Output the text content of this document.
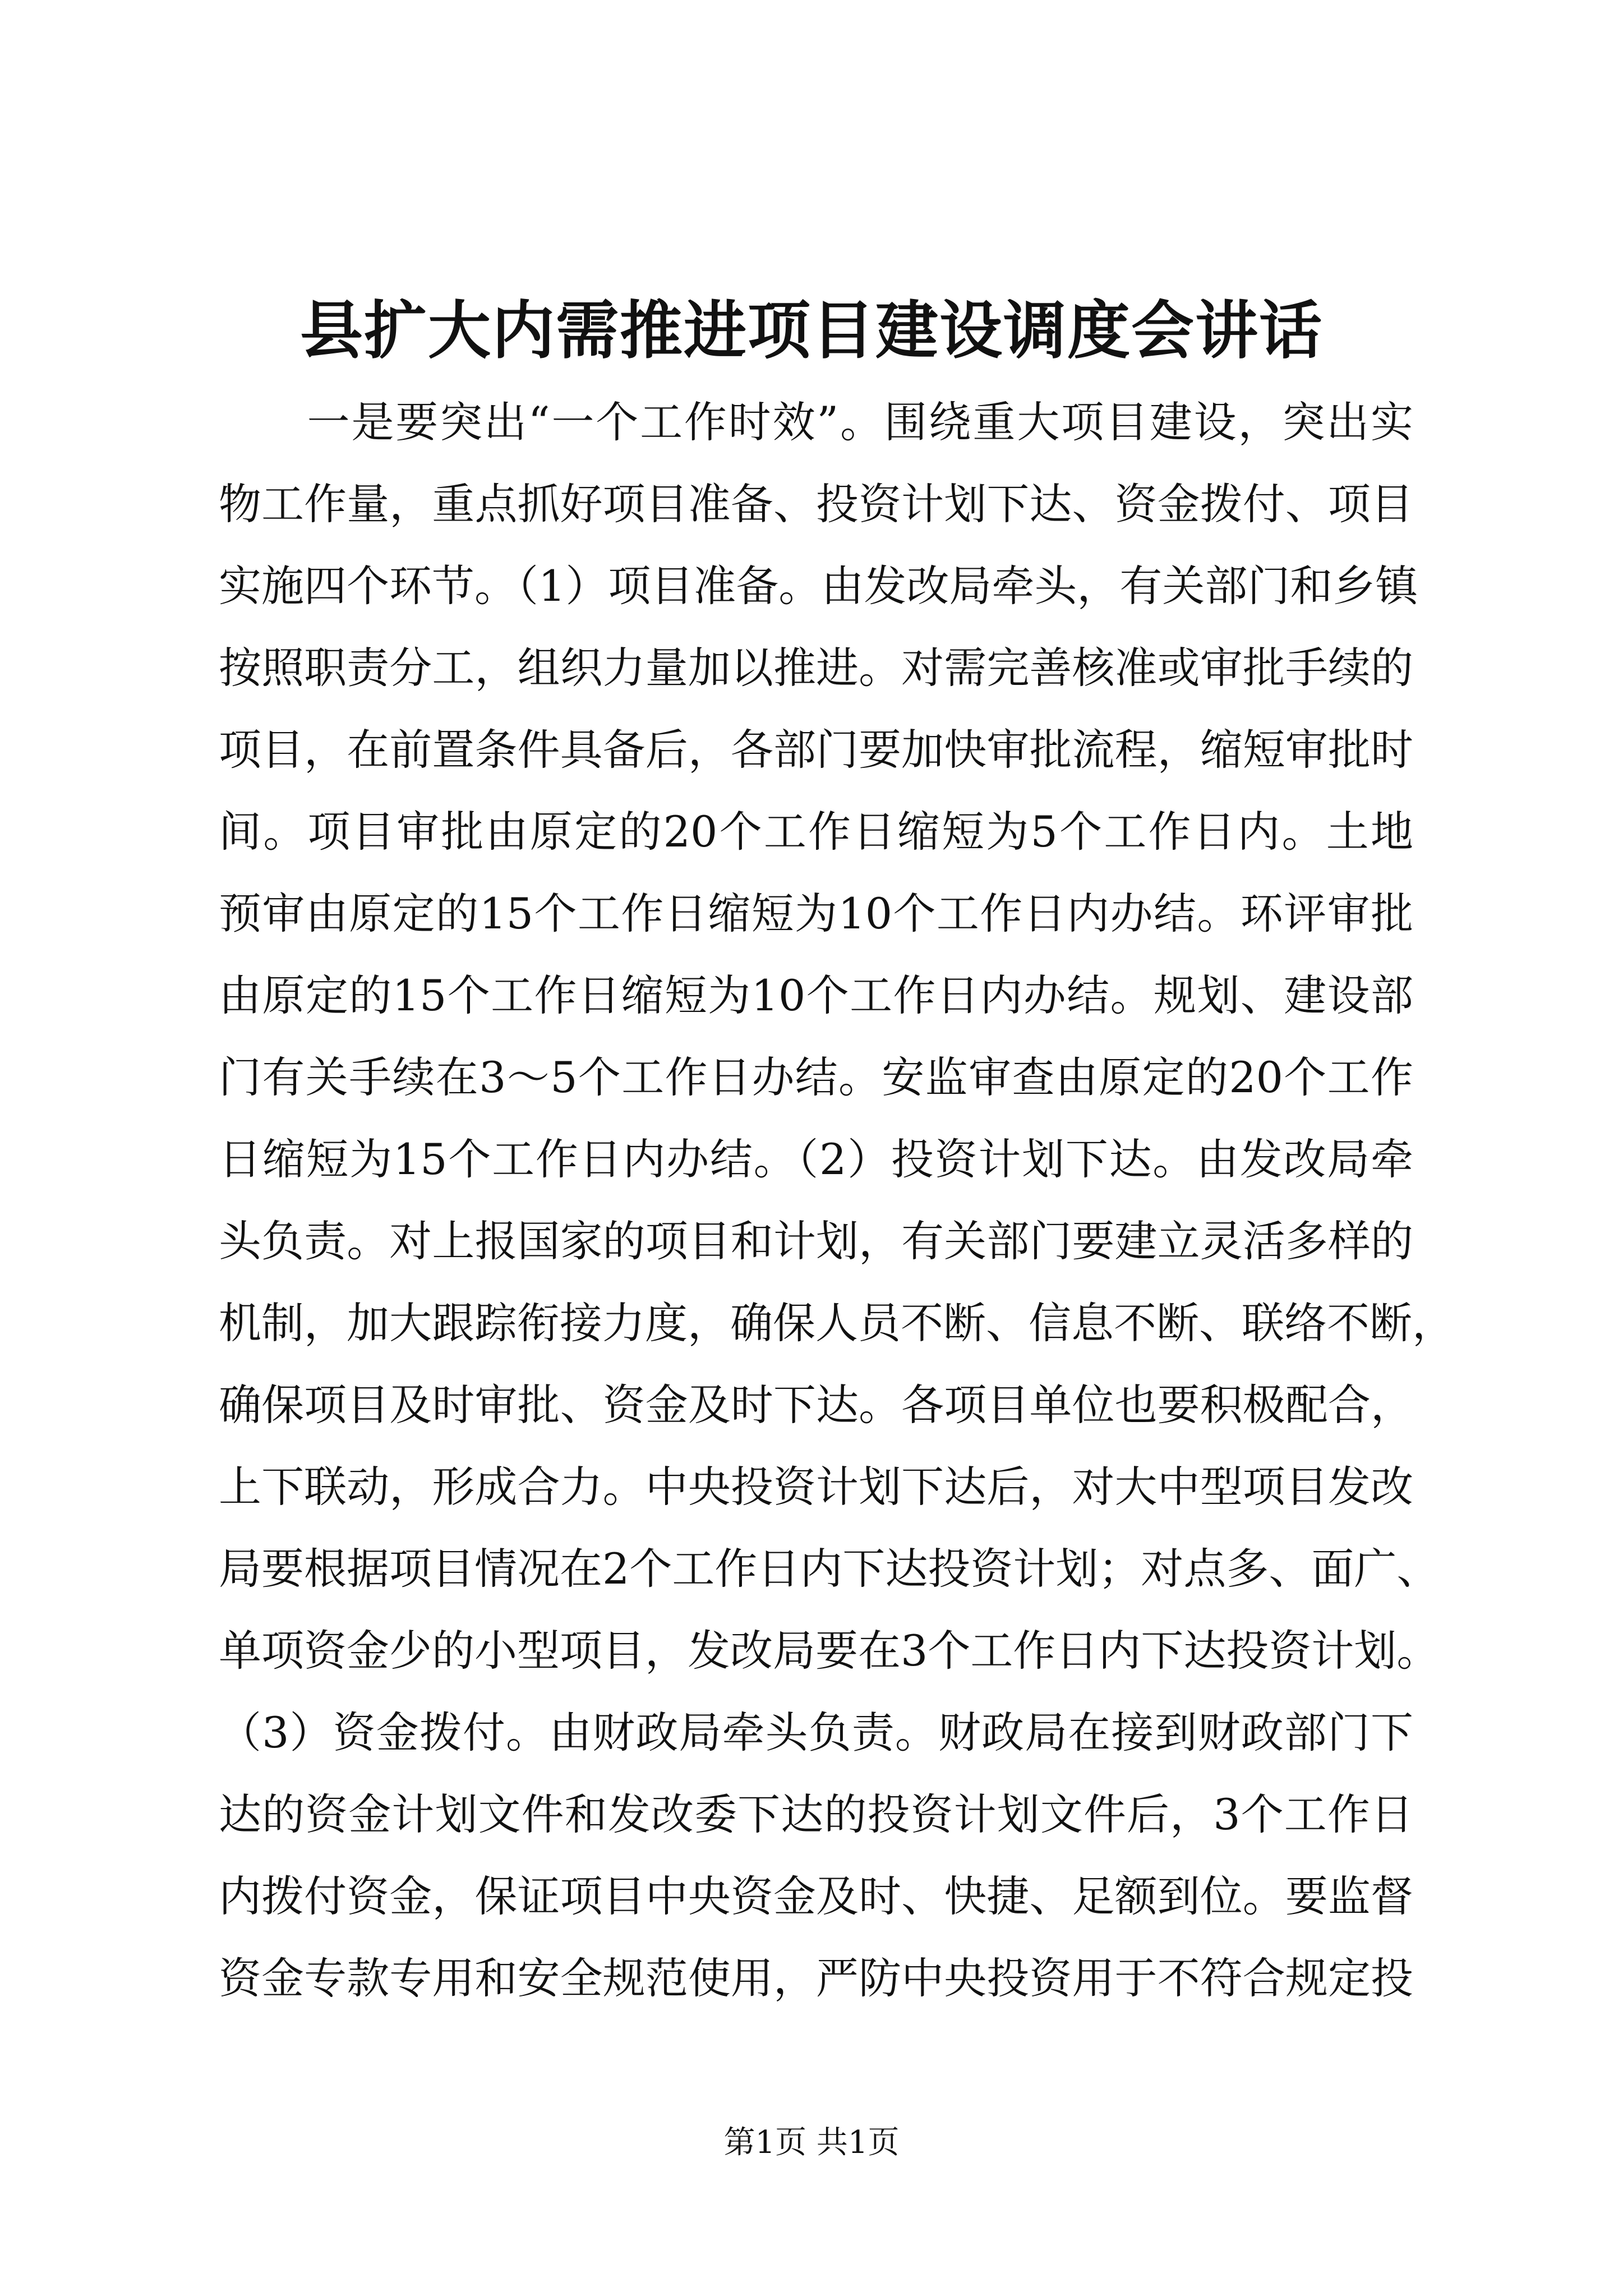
县扩大内需推进项目建设调度会讲话
　　一是要突出“一个工作时效”。围绕重大项目建设，突出实
物工作量，重点抓好项目准备、投资计划下达、资金拨付、项目
实施四个环节。（1）项目准备。由发改局牵头，有关部门和乡镇
按照职责分工，组织力量加以推进。对需完善核准或审批手续的
项目，在前置条件具备后，各部门要加快审批流程，缩短审批时
间。项目审批由原定的20个工作日缩短为5个工作日内。土地
预审由原定的15个工作日缩短为10个工作日内办结。环评审批
由原定的15个工作日缩短为10个工作日内办结。规划、建设部
门有关手续在3～5个工作日办结。安监审查由原定的20个工作
日缩短为15个工作日内办结。（2）投资计划下达。由发改局牵
头负责。对上报国家的项目和计划，有关部门要建立灵活多样的
机制，加大跟踪衔接力度，确保人员不断、信息不断、联络不断，
确保项目及时审批、资金及时下达。各项目单位也要积极配合，
上下联动，形成合力。中央投资计划下达后，对大中型项目发改
局要根据项目情况在2个工作日内下达投资计划；对点多、面广、
单项资金少的小型项目，发改局要在3个工作日内下达投资计划。
（3）资金拨付。由财政局牵头负责。财政局在接到财政部门下
达的资金计划文件和发改委下达的投资计划文件后，3个工作日
内拨付资金，保证项目中央资金及时、快捷、足额到位。要监督
资金专款专用和安全规范使用，严防中央投资用于不符合规定投
第1页 共1页
